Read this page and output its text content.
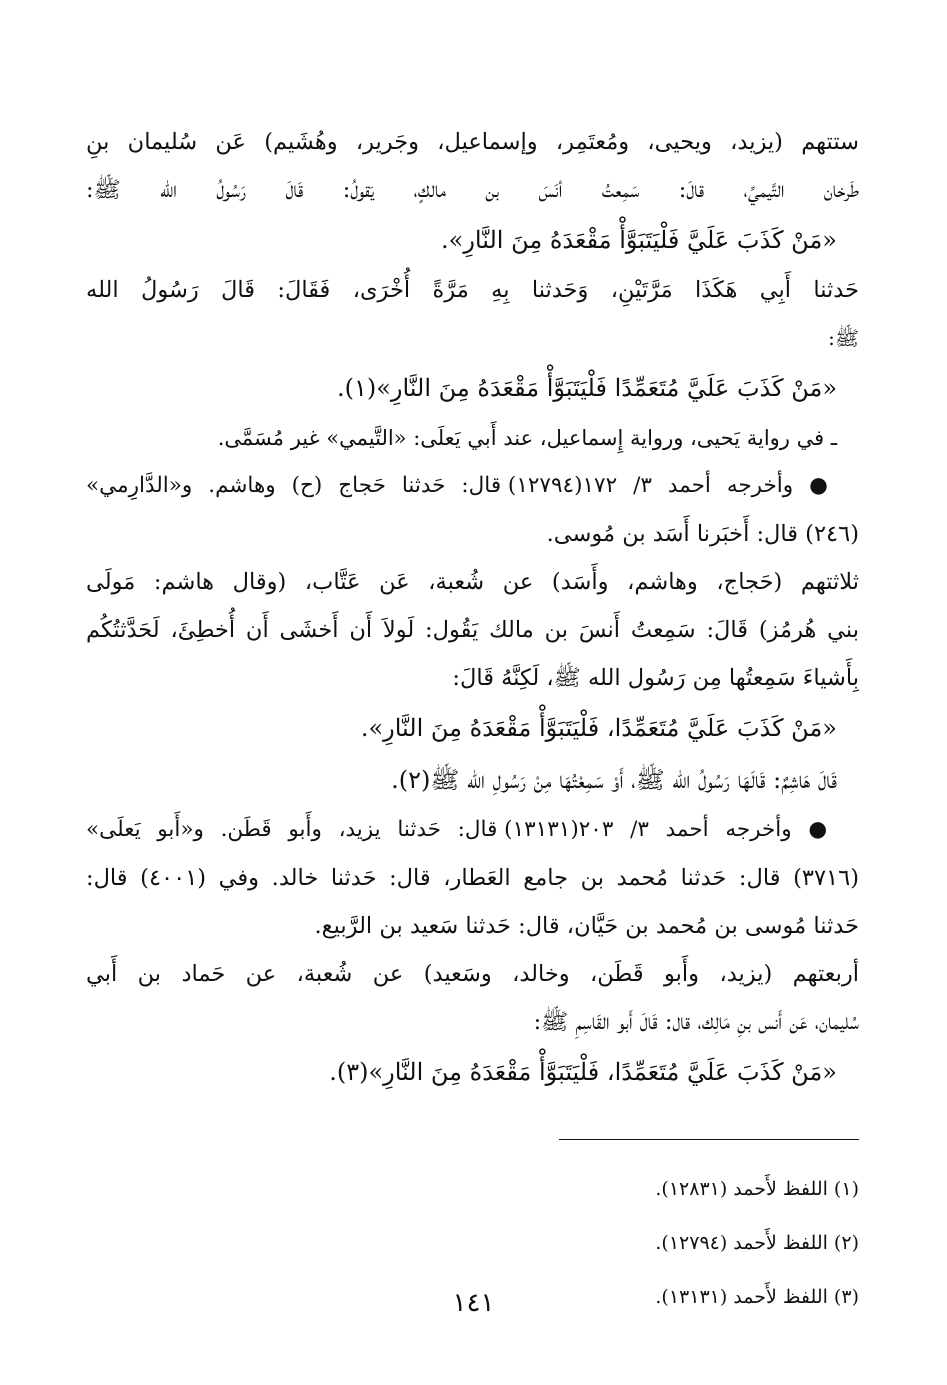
ستتهم (يزيد، ويحيى، ومُعتَمِر، وإسماعيل، وجَرير، وهُشَيم) عَن سُليمان بنِ

طَرخان التَّيميِّ، قالَ: سَمِعتُ أنَسَ بن مالكٍ، يَقولُ: قَالَ رَسُولُ الله ﷺ:

«مَنْ كَذَبَ عَلَيَّ فَلْيَتَبَوَّأْ مَقْعَدَهُ مِنَ النَّارِ».

حَدثنا أَبِي هَكَذَا مَرَّتَيْنِ، وَحَدثنا بِهِ مَرَّةً أُخْرَى، فَقَالَ: قَالَ رَسُولُ الله

ﷺ:

«مَنْ كَذَبَ عَلَيَّ مُتَعَمِّدًا فَلْيَتَبَوَّأْ مَقْعَدَهُ مِنَ النَّارِ»(١).

ـ في رواية يَحيى، ورواية إِسماعيل، عند أَبي يَعلَى: «التَّيمي» غير مُسَمَّى.

● وأخرجه أحمد ٣/ ١٧٢(١٢٧٩٤) قال: حَدثنا حَجاج (ح) وهاشم. و«الدَّارِمي»

(٢٤٦) قال: أَخبَرنا أَسَد بن مُوسى.

ثلاثتهم (حَجاج، وهاشم، وأَسَد) عن شُعبة، عَن عَتَّاب، (وقال هاشم: مَولَى

بني هُرمُز) قَالَ: سَمِعتُ أَنسَ بن مالك يَقُول: لَولاَ أَن أَخشَى أَن أُخطِئَ، لَحَدَّثتُكُم

بِأَشياءَ سَمِعتُها مِن رَسُول الله ﷺ، لَكِنَّهُ قَالَ:

«مَنْ كَذَبَ عَلَيَّ مُتَعَمِّدًا، فَلْيَتَبَوَّأْ مَقْعَدَهُ مِنَ النَّارِ».

قَالَ هَاشِمٌ: قَالَهَا رَسُولُ الله ﷺ، أَوْ سَمِعْتُهَا مِنْ رَسُولِ الله ﷺ(٢).

● وأخرجه أحمد ٣/ ٢٠٣(١٣١٣١) قال: حَدثنا يزيد، وأَبو قَطَن. و«أَبو يَعلَى»

(٣٧١٦) قال: حَدثنا مُحمد بن جامع العَطار، قال: حَدثنا خالد. وفي (٤٠٠١) قال:

حَدثنا مُوسى بن مُحمد بن حَيَّان، قال: حَدثنا سَعيد بن الرَّبيع.

أربعتهم (يزيد، وأَبو قَطَن، وخالد، وسَعيد) عن شُعبة، عن حَماد بن أَبي

سُليمان، عَن أَنس بنِ مَالِك، قال: قَالَ أَبو القَاسِمِ ﷺ:

«مَنْ كَذَبَ عَلَيَّ مُتَعَمِّدًا، فَلْيَتَبَوَّأْ مَقْعَدَهُ مِنَ النَّارِ»(٣).

(١) اللفظ لأَحمد (١٢٨٣١).

(٢) اللفظ لأَحمد (١٢٧٩٤).

(٣) اللفظ لأَحمد (١٣١٣١).

١٤١
